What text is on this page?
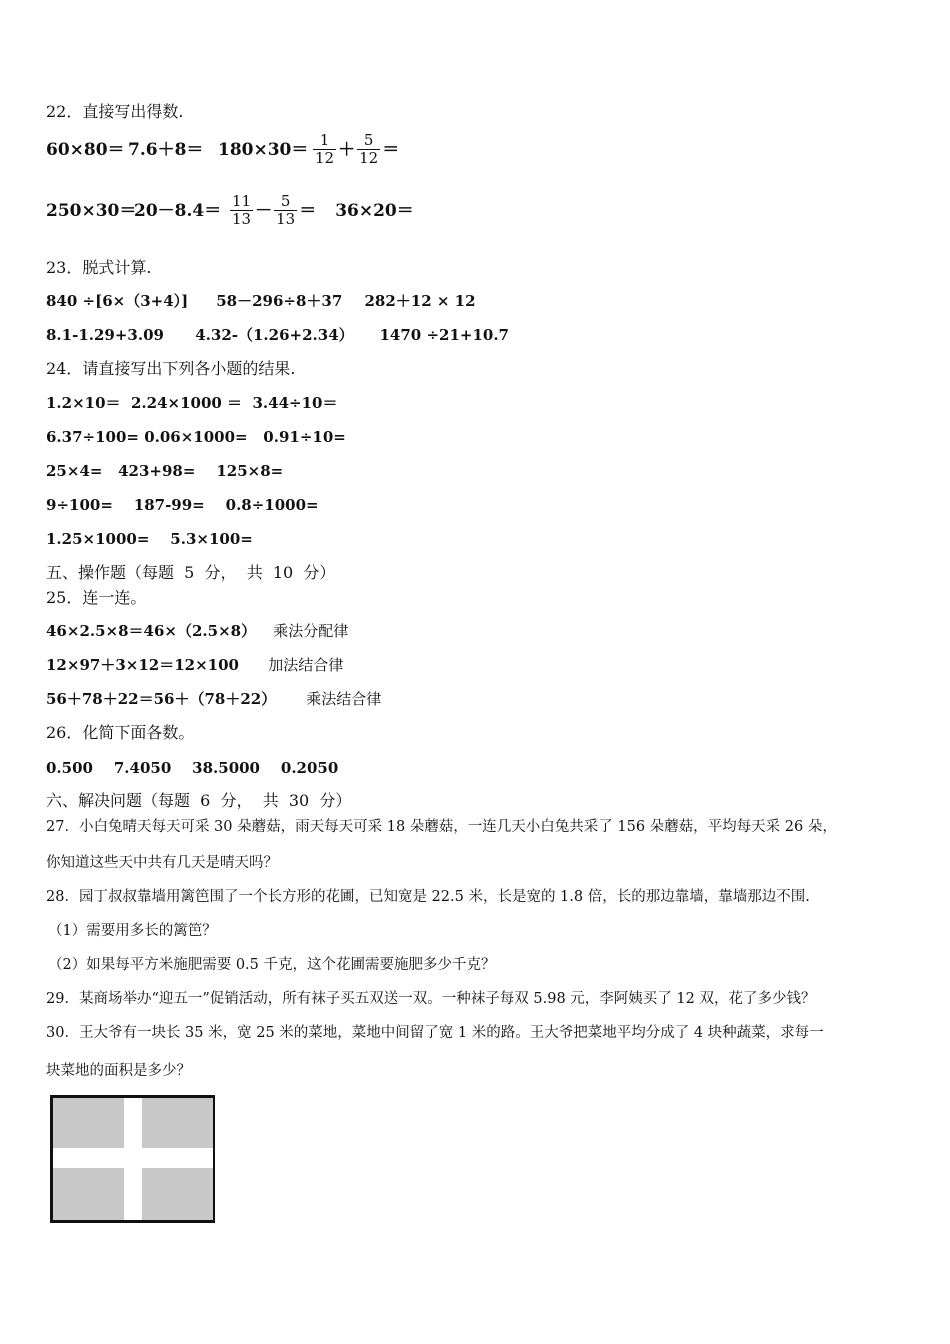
22．直接写出得数.
$60\times 80= 7.6+8= 180\times 30= \frac{1}{12} + \frac{5}{12}$ ＝
250×30＝
$20-8.4= \frac{11}{13} - \frac{5}{13}$ ＝	36×20＝
23．脱式计算.
840 ÷[6×（3+4）] 58－296÷8＋37 282＋12 × 12
8.1-1.29+3.09 4.32-（1.26+2.34） 1470 ÷21+10.7
24．请直接写出下列各小题的结果.
1.2×10＝  2.24×1000 ＝  3.44÷10＝
6.37÷100= 0.06×1000=   0.91÷10=
25×4=   423+98=    125×8=
9÷100=    187-99=    0.8÷1000=
1.25×1000=    5.3×100=
五、操作题（每题  5  分，  共  10  分）
25．连一连。
46×2.5×8＝46×（2.5×8） 乘法分配律
12×97＋3×12＝12×100 加法结合律
56＋78＋22＝56＋（78＋22） 乘法结合律
26．化简下面各数。
0.500    7.4050    38.5000    0.2050
六、解决问题（每题  6  分，  共  30  分）
27．小白兔晴天每天可采 30 朵蘑菇，雨天每天可采 18 朵蘑菇，一连几天小白兔共采了 156 朵蘑菇，平均每天采 26 朵，
你知道这些天中共有几天是晴天吗？
28．园丁叔叔靠墙用篱笆围了一个长方形的花圃，已知宽是 22.5 米，长是宽的 1.8 倍，长的那边靠墙，靠墙那边不围.
（1）需要用多长的篱笆？
（2）如果每平方米施肥需要 0.5 千克，这个花圃需要施肥多少千克？
29．某商场举办“迎五一”促销活动，所有袜子买五双送一双。一种袜子每双 5.98 元，李阿姨买了 12 双，花了多少钱？
30．王大爷有一块长 35 米，宽 25 米的菜地，菜地中间留了宽 1 米的路。王大爷把菜地平均分成了 4 块种蔬菜，求每一
块菜地的面积是多少？
